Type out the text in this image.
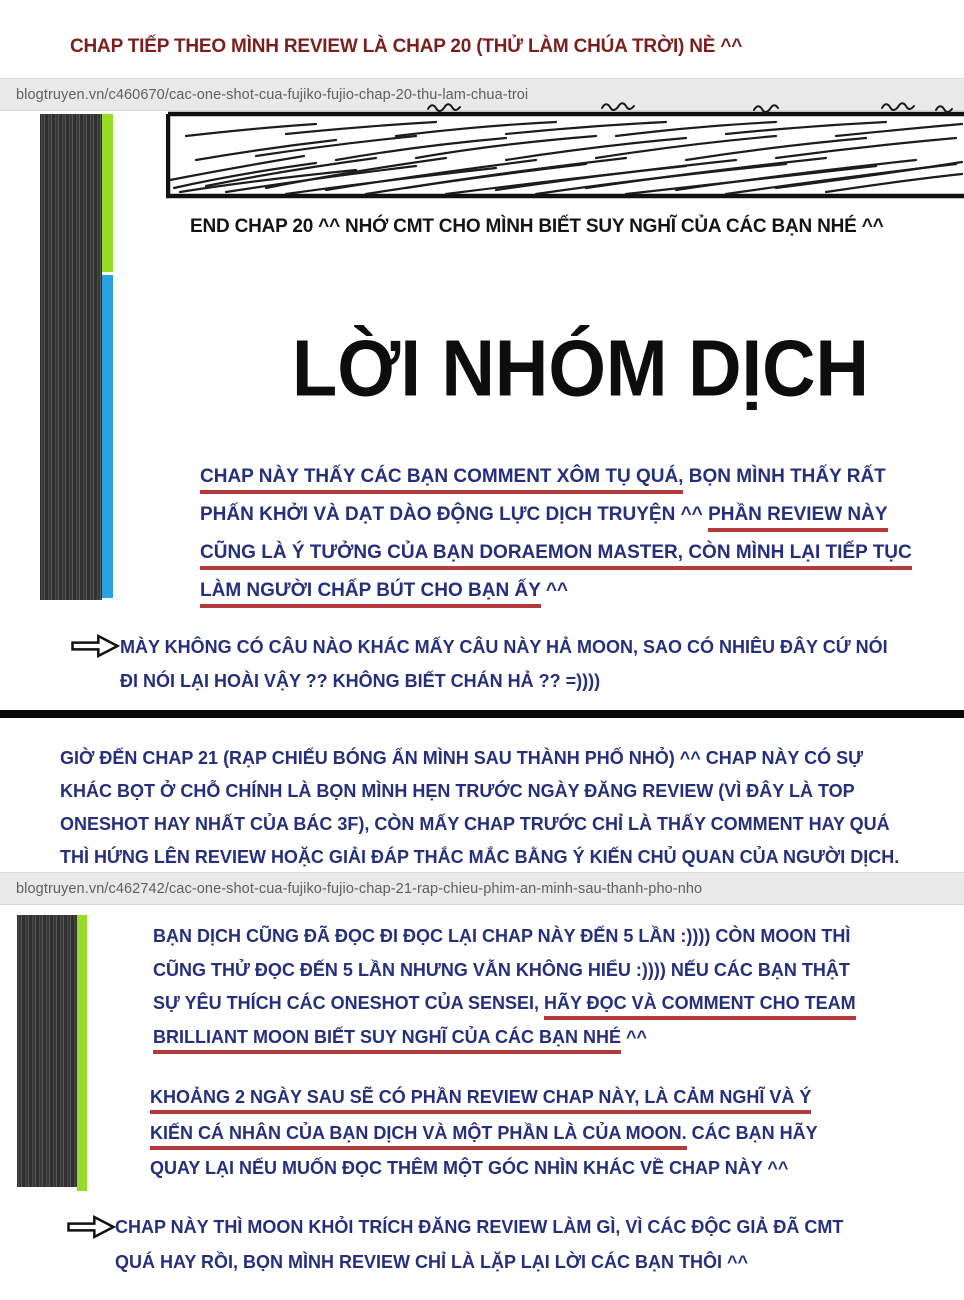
CHAP TIẾP THEO MÌNH REVIEW LÀ CHAP 20 (THỬ LÀM CHÚA TRỜI) NÈ ^^
blogtruyen.vn/c460670/cac-one-shot-cua-fujiko-fujio-chap-20-thu-lam-chua-troi
END CHAP 20 ^^ NHỚ CMT CHO MÌNH BIẾT SUY NGHĨ CỦA CÁC BẠN NHÉ ^^
LỜI NHÓM DỊCH
CHAP NÀY THẤY CÁC BẠN COMMENT XÔM TỤ QUÁ, BỌN MÌNH THẤY RẤT
PHẤN KHỞI VÀ DẠT DÀO ĐỘNG LỰC DỊCH TRUYỆN ^^ PHẦN REVIEW NÀY
CŨNG LÀ Ý TƯỞNG CỦA BẠN DORAEMON MASTER, CÒN MÌNH LẠI TIẾP TỤC
LÀM NGƯỜI CHẤP BÚT CHO BẠN ẤY ^^
MÀY KHÔNG CÓ CÂU NÀO KHÁC MẤY CÂU NÀY HẢ MOON, SAO CÓ NHIÊU ĐÂY CỨ NÓI
ĐI NÓI LẠI HOÀI VẬY ?? KHÔNG BIẾT CHÁN HẢ ?? =))))
GIỜ ĐẾN CHAP 21 (RẠP CHIẾU BÓNG ẨN MÌNH SAU THÀNH PHỐ NHỎ) ^^ CHAP NÀY CÓ SỰ
KHÁC BỌT Ở CHỖ CHÍNH LÀ BỌN MÌNH HẸN TRƯỚC NGÀY ĐĂNG REVIEW (VÌ ĐÂY LÀ TOP
ONESHOT HAY NHẤT CỦA BÁC 3F), CÒN MẤY CHAP TRƯỚC CHỈ LÀ THẤY COMMENT HAY QUÁ
THÌ HỨNG LÊN REVIEW HOẶC GIẢI ĐÁP THẮC MẮC BẰNG Ý KIẾN CHỦ QUAN CỦA NGƯỜI DỊCH.
blogtruyen.vn/c462742/cac-one-shot-cua-fujiko-fujio-chap-21-rap-chieu-phim-an-minh-sau-thanh-pho-nho
BẠN DỊCH CŨNG ĐÃ ĐỌC ĐI ĐỌC LẠI CHAP NÀY ĐẾN 5 LẦN :)))) CÒN MOON THÌ
CŨNG THỬ ĐỌC ĐẾN 5 LẦN NHƯNG VẪN KHÔNG HIỂU :)))) NẾU CÁC BẠN THẬT
SỰ YÊU THÍCH CÁC ONESHOT CỦA SENSEI, HÃY ĐỌC VÀ COMMENT CHO TEAM
BRILLIANT MOON BIẾT SUY NGHĨ CỦA CÁC BẠN NHÉ ^^
KHOẢNG 2 NGÀY SAU SẼ CÓ PHẦN REVIEW CHAP NÀY, LÀ CẢM NGHĨ VÀ Ý
KIẾN CÁ NHÂN CỦA BẠN DỊCH VÀ MỘT PHẦN LÀ CỦA MOON. CÁC BẠN HÃY
QUAY LẠI NẾU MUỐN ĐỌC THÊM MỘT GÓC NHÌN KHÁC VỀ CHAP NÀY ^^
CHAP NÀY THÌ MOON KHỎI TRÍCH ĐĂNG REVIEW LÀM GÌ, VÌ CÁC ĐỘC GIẢ ĐÃ CMT
QUÁ HAY RỒI, BỌN MÌNH REVIEW CHỈ LÀ LẶP LẠI LỜI CÁC BẠN THÔI ^^
